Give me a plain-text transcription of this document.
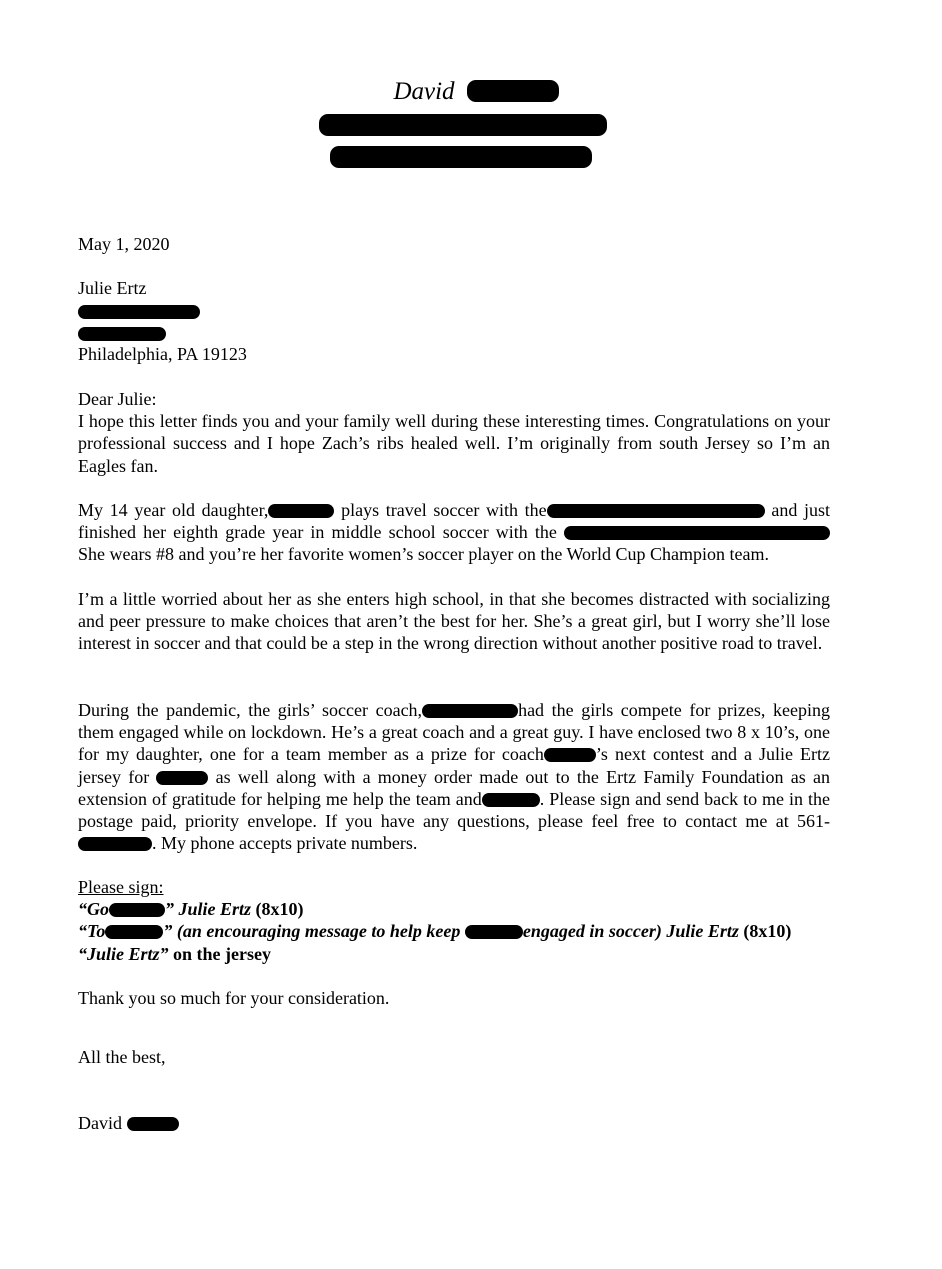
David

May 1, 2020

Julie Ertz

Philadelphia, PA 19123

Dear Julie:

I hope this letter finds you and your family well during these interesting times. Congratulations on your professional success and I hope Zach’s ribs healed well. I’m originally from south Jersey so I’m an Eagles fan.

My 14 year old daughter,	plays travel soccer with the	and just finished her eighth grade year in middle school soccer with the  She wears #8 and you’re her favorite women’s soccer player on the World Cup Champion team.

I’m a little worried about her as she enters high school, in that she becomes distracted with socializing and peer pressure to make choices that aren’t the best for her. She’s a great girl, but I worry she’ll lose interest in soccer and that could be a step in the wrong direction without another positive road to travel.

During the pandemic, the girls’ soccer coach,	had the girls compete for prizes, keeping them engaged while on lockdown. He’s a great coach and a great guy. I have enclosed two 8 x 10’s, one for my daughter, one for a team member as a prize for coach	’s next contest and a Julie Ertz jersey for	as well along with a money order made out to the Ertz Family Foundation as an extension of gratitude for helping me help the team and	. Please sign and send back to me in the postage paid, priority envelope. If you have any questions, please feel free to contact me at 561-. My phone accepts private numbers.

Please sign:

“Go	” Julie Ertz (8x10)

“To	” (an encouraging message to help keep	engaged in soccer) Julie Ertz (8x10)

“Julie Ertz” on the jersey

Thank you so much for your consideration.

All the best,

David
